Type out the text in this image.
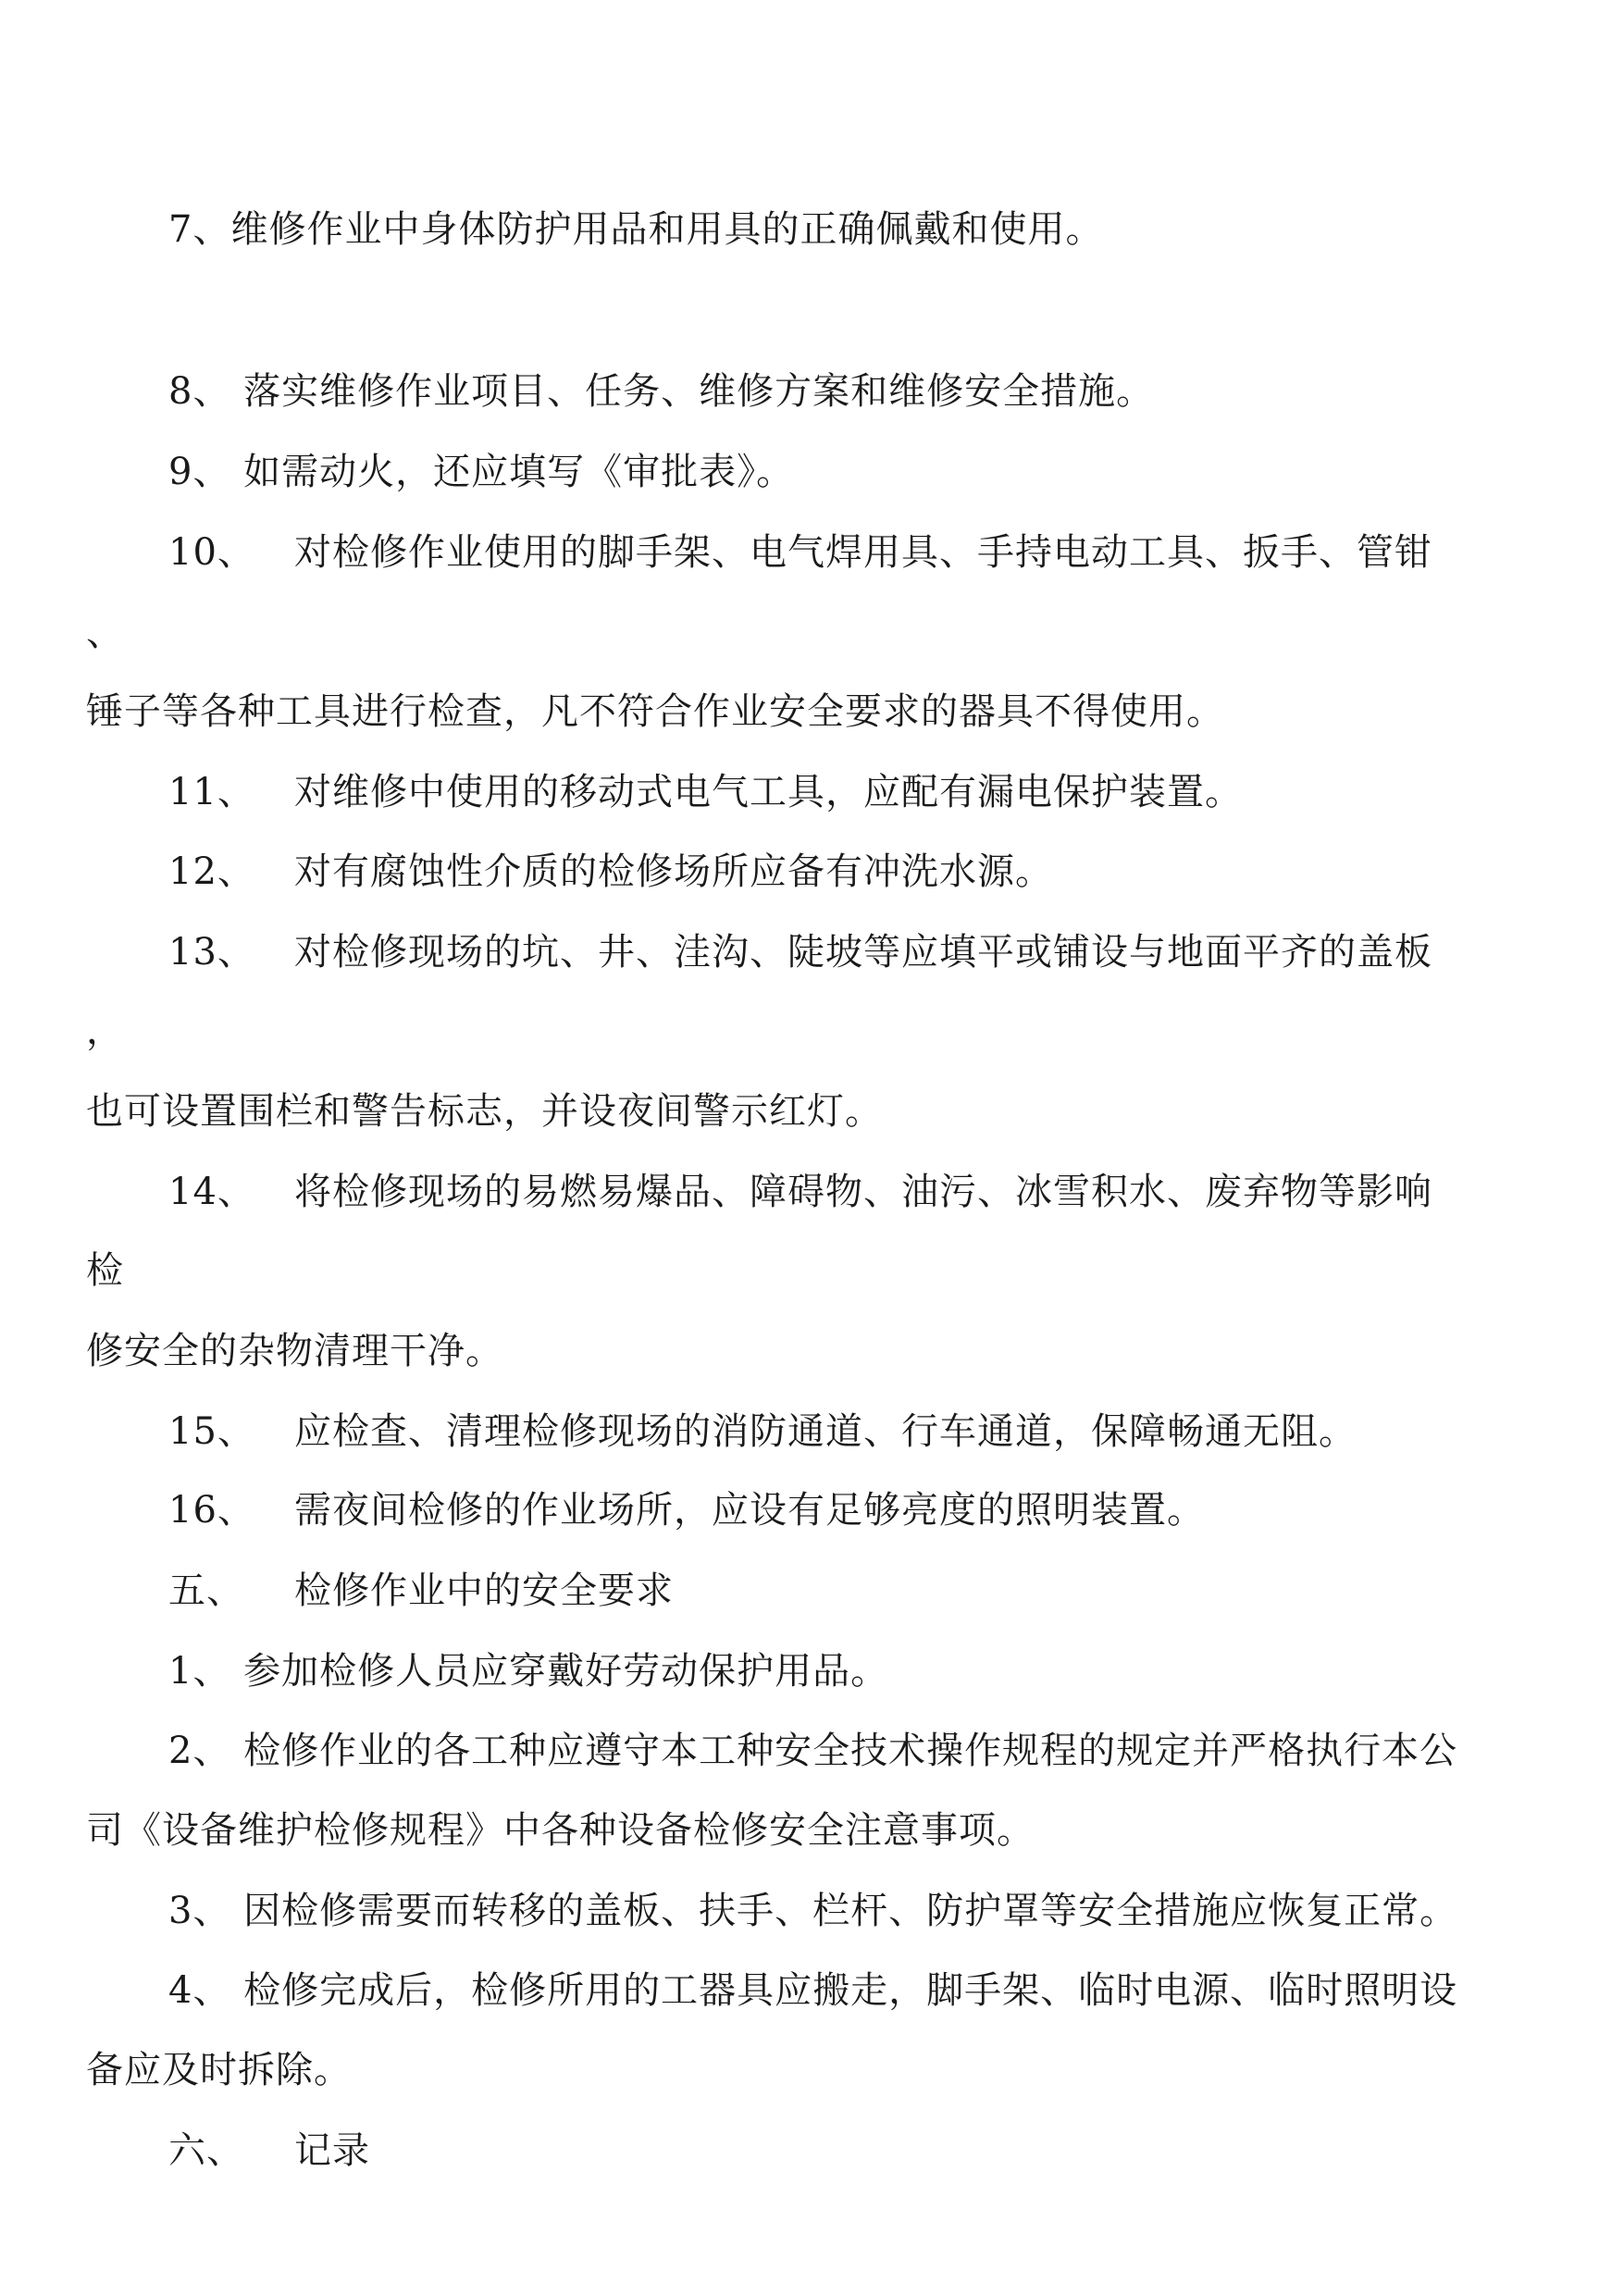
7、维修作业中身体防护用品和用具的正确佩戴和使用。
8、 落实维修作业项目、任务、维修方案和维修安全措施。
9、 如需动火，还应填写《审批表》。
10、 对检修作业使用的脚手架、电气焊用具、手持电动工具、扳手、管钳
、
锤子等各种工具进行检查，凡不符合作业安全要求的器具不得使用。
11、 对维修中使用的移动式电气工具，应配有漏电保护装置。
12、 对有腐蚀性介质的检修场所应备有冲洗水源。
13、 对检修现场的坑、井、洼沟、陡坡等应填平或铺设与地面平齐的盖板
，
也可设置围栏和警告标志，并设夜间警示红灯。
14、 将检修现场的易燃易爆品、障碍物、油污、冰雪积水、废弃物等影响
检
修安全的杂物清理干净。
15、 应检查、清理检修现场的消防通道、行车通道，保障畅通无阻。
16、 需夜间检修的作业场所，应设有足够亮度的照明装置。
五、 检修作业中的安全要求
1、 参加检修人员应穿戴好劳动保护用品。
2、 检修作业的各工种应遵守本工种安全技术操作规程的规定并严格执行本公
司《设备维护检修规程》中各种设备检修安全注意事项。
3、 因检修需要而转移的盖板、扶手、栏杆、防护罩等安全措施应恢复正常。
4、 检修完成后，检修所用的工器具应搬走，脚手架、临时电源、临时照明设
备应及时拆除。
六、 记录
